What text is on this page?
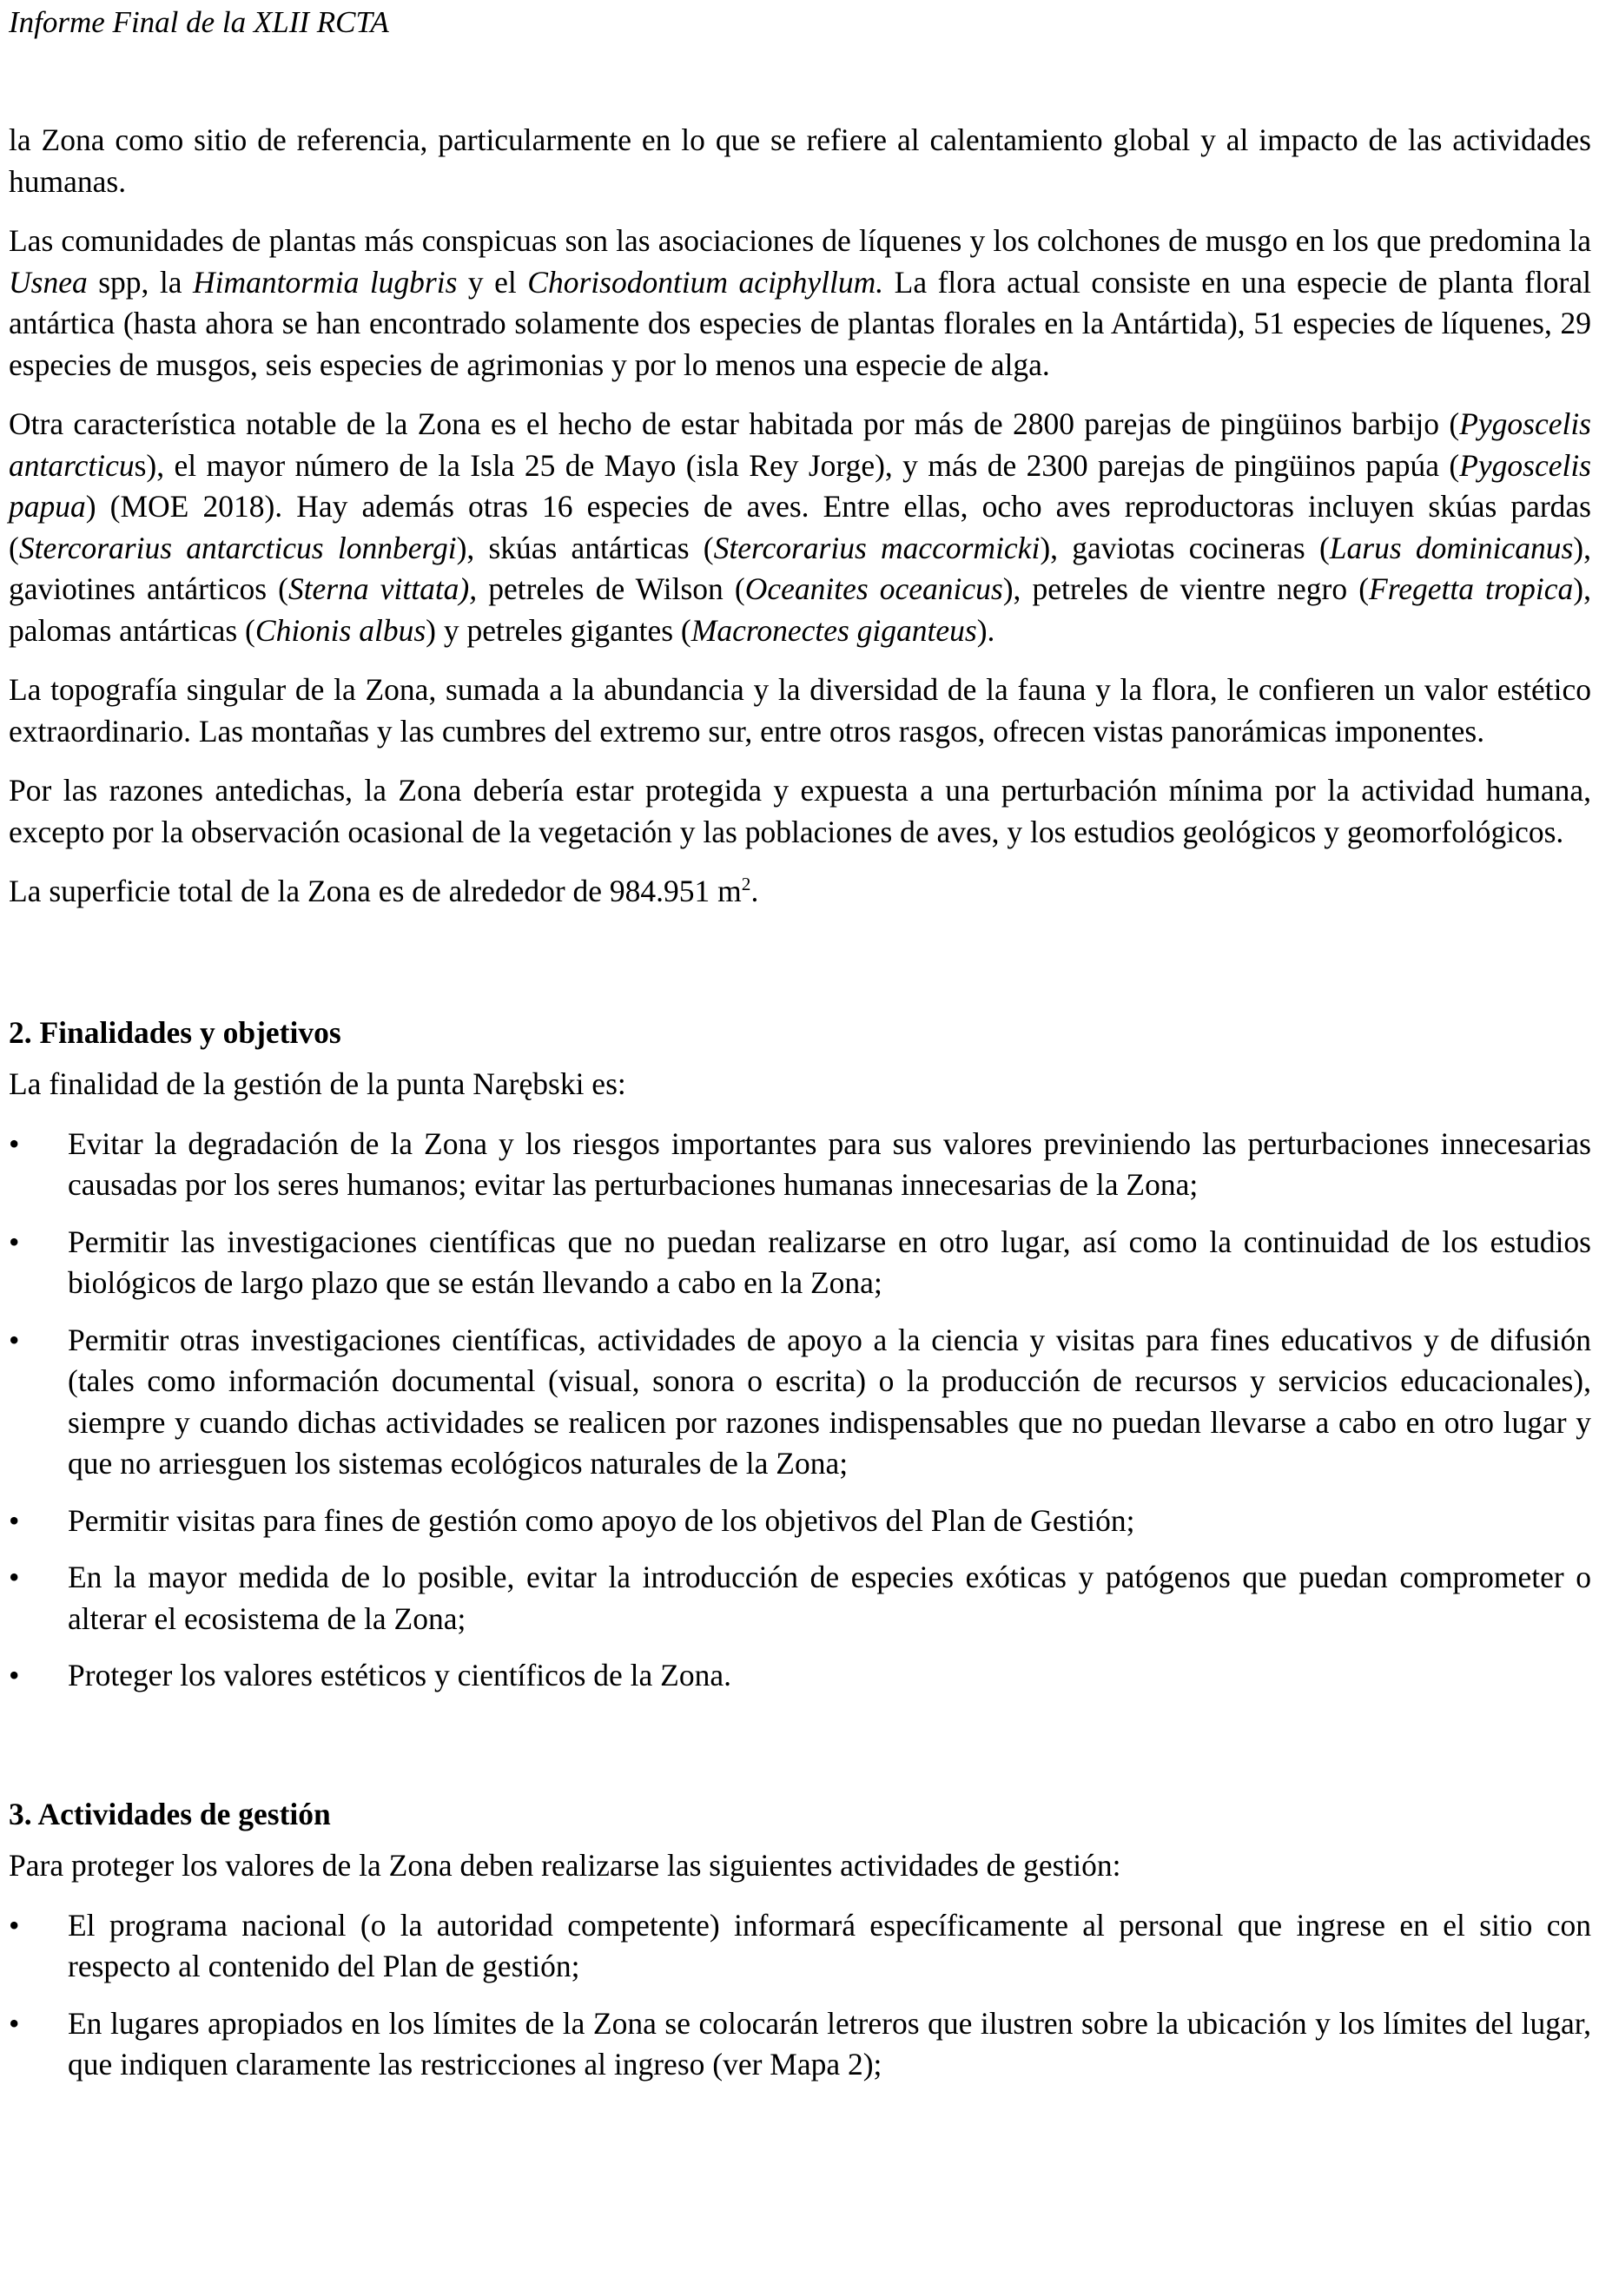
Informe Final de la XLII RCTA

la Zona como sitio de referencia, particularmente en lo que se refiere al calentamiento global y al impacto de las actividades humanas.

Las comunidades de plantas más conspicuas son las asociaciones de líquenes y los colchones de musgo en los que predomina la Usnea spp, la Himantormia lugbris y el Chorisodontium aciphyllum. La flora actual consiste en una especie de planta floral antártica (hasta ahora se han encontrado solamente dos especies de plantas florales en la Antártida), 51 especies de líquenes, 29 especies de musgos, seis especies de agrimonias y por lo menos una especie de alga.

Otra característica notable de la Zona es el hecho de estar habitada por más de 2800 parejas de pingüinos barbijo (Pygoscelis antarcticus), el mayor número de la Isla 25 de Mayo (isla Rey Jorge), y más de 2300 parejas de pingüinos papúa (Pygoscelis papua) (MOE 2018). Hay además otras 16 especies de aves. Entre ellas, ocho aves reproductoras incluyen skúas pardas (Stercorarius antarcticus lonnbergi), skúas antárticas (Stercorarius maccormicki), gaviotas cocineras (Larus dominicanus), gaviotines antárticos (Sterna vittata), petreles de Wilson (Oceanites oceanicus), petreles de vientre negro (Fregetta tropica), palomas antárticas (Chionis albus) y petreles gigantes (Macronectes giganteus).

La topografía singular de la Zona, sumada a la abundancia y la diversidad de la fauna y la flora, le confieren un valor estético extraordinario. Las montañas y las cumbres del extremo sur, entre otros rasgos, ofrecen vistas panorámicas imponentes.

Por las razones antedichas, la Zona debería estar protegida y expuesta a una perturbación mínima por la actividad humana, excepto por la observación ocasional de la vegetación y las poblaciones de aves, y los estudios geológicos y geomorfológicos.

La superficie total de la Zona es de alrededor de 984.951 $m^2$.

2. Finalidades y objetivos

La finalidad de la gestión de la punta Narębski es:

• Evitar la degradación de la Zona y los riesgos importantes para sus valores previniendo las perturbaciones innecesarias causadas por los seres humanos; evitar las perturbaciones humanas innecesarias de la Zona;
• Permitir las investigaciones científicas que no puedan realizarse en otro lugar, así como la continuidad de los estudios biológicos de largo plazo que se están llevando a cabo en la Zona;
• Permitir otras investigaciones científicas, actividades de apoyo a la ciencia y visitas para fines educativos y de difusión (tales como información documental (visual, sonora o escrita) o la producción de recursos y servicios educacionales), siempre y cuando dichas actividades se realicen por razones indispensables que no puedan llevarse a cabo en otro lugar y que no arriesguen los sistemas ecológicos naturales de la Zona;
• Permitir visitas para fines de gestión como apoyo de los objetivos del Plan de Gestión;
• En la mayor medida de lo posible, evitar la introducción de especies exóticas y patógenos que puedan comprometer o alterar el ecosistema de la Zona;
• Proteger los valores estéticos y científicos de la Zona.
3. Actividades de gestión

Para proteger los valores de la Zona deben realizarse las siguientes actividades de gestión:

• El programa nacional (o la autoridad competente) informará específicamente al personal que ingrese en el sitio con respecto al contenido del Plan de gestión;
• En lugares apropiados en los límites de la Zona se colocarán letreros que ilustren sobre la ubicación y los límites del lugar, que indiquen claramente las restricciones al ingreso (ver Mapa 2);
